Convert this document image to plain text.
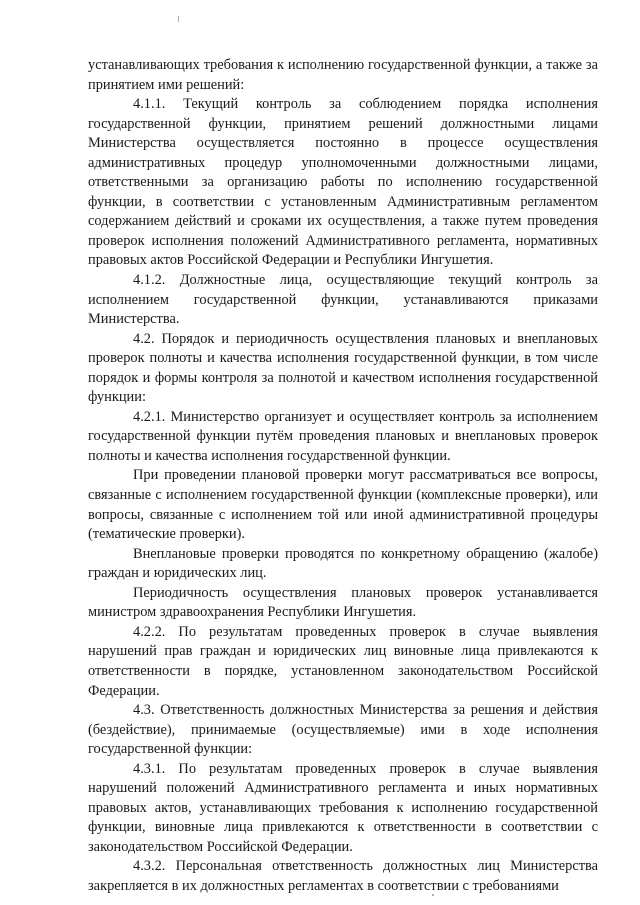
устанавливающих требования к исполнению государственной функции, а также за принятием ими решений:

4.1.1. Текущий контроль за соблюдением порядка исполнения государственной функции, принятием решений должностными лицами Министерства осуществляется постоянно в процессе осуществления административных процедур уполномоченными должностными лицами, ответственными за организацию работы по исполнению государственной функции, в соответствии с установленным Административным регламентом содержанием действий и сроками их осуществления, а также путем проведения проверок исполнения положений Административного регламента, нормативных правовых актов Российской Федерации и Республики Ингушетия.

4.1.2. Должностные лица, осуществляющие текущий контроль за исполнением государственной функции, устанавливаются приказами Министерства.

4.2. Порядок и периодичность осуществления плановых и внеплановых проверок полноты и качества исполнения государственной функции, в том числе порядок и формы контроля за полнотой и качеством исполнения государственной функции:

4.2.1. Министерство организует и осуществляет контроль за исполнением государственной функции путём проведения плановых и внеплановых проверок полноты и качества исполнения государственной функции.

При проведении плановой проверки могут рассматриваться все вопросы, связанные с исполнением государственной функции (комплексные проверки), или вопросы, связанные с исполнением той или иной административной процедуры (тематические проверки).

Внеплановые проверки проводятся по конкретному обращению (жалобе) граждан и юридических лиц.

Периодичность осуществления плановых проверок устанавливается министром здравоохранения Республики Ингушетия.

4.2.2. По результатам проведенных проверок в случае выявления нарушений прав граждан и юридических лиц виновные лица привлекаются к ответственности в порядке, установленном законодательством Российской Федерации.

4.3. Ответственность должностных Министерства за решения и действия (бездействие), принимаемые (осуществляемые) ими в ходе исполнения государственной функции:

4.3.1. По результатам проведенных проверок в случае выявления нарушений положений Административного регламента и иных нормативных правовых актов, устанавливающих требования к исполнению государственной функции, виновные лица привлекаются к ответственности в соответствии с законодательством Российской Федерации.

4.3.2. Персональная ответственность должностных лиц Министерства закрепляется в их должностных регламентах в соответствии с требованиями
